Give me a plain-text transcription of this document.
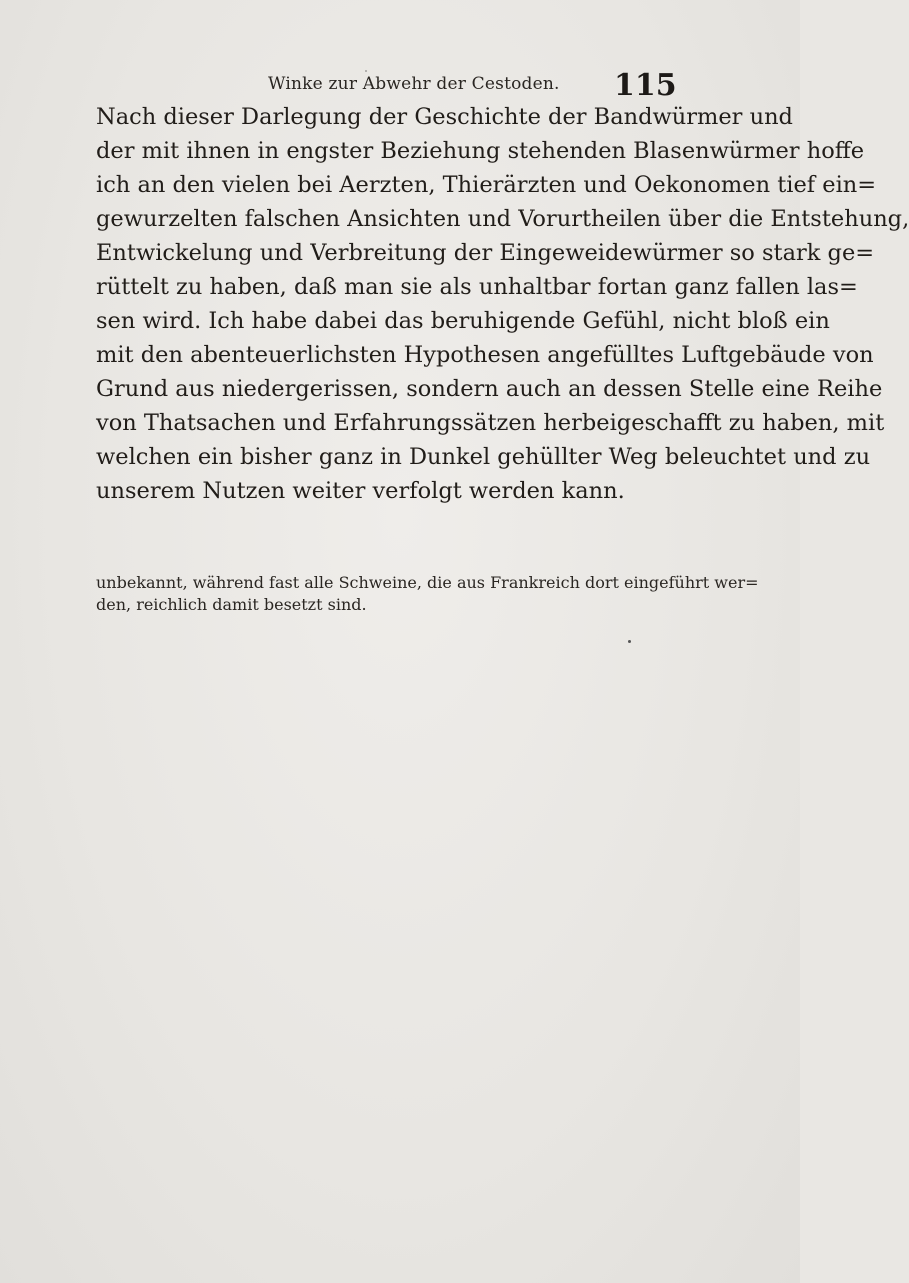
Winke zur Abwehr der Cestoden. 115
Nach dieser Darlegung der Geschichte der Bandwürmer und
der mit ihnen in engster Beziehung stehenden Blasenwürmer hoffe
ich an den vielen bei Aerzten, Thierärzten und Oekonomen tief ein=
gewurzelten falschen Ansichten und Vorurtheilen über die Entstehung,
Entwickelung und Verbreitung der Eingeweidewürmer so stark ge=
rüttelt zu haben, daß man sie als unhaltbar fortan ganz fallen las=
sen wird. Ich habe dabei das beruhigende Gefühl, nicht bloß ein
mit den abenteuerlichsten Hypothesen angefülltes Luftgebäude von
Grund aus niedergerissen, sondern auch an dessen Stelle eine Reihe
von Thatsachen und Erfahrungssätzen herbeigeschafft zu haben, mit
welchen ein bisher ganz in Dunkel gehüllter Weg beleuchtet und zu
unserem Nutzen weiter verfolgt werden kann.
unbekannt, während fast alle Schweine, die aus Frankreich dort eingeführt wer=
den, reichlich damit besetzt sind.
